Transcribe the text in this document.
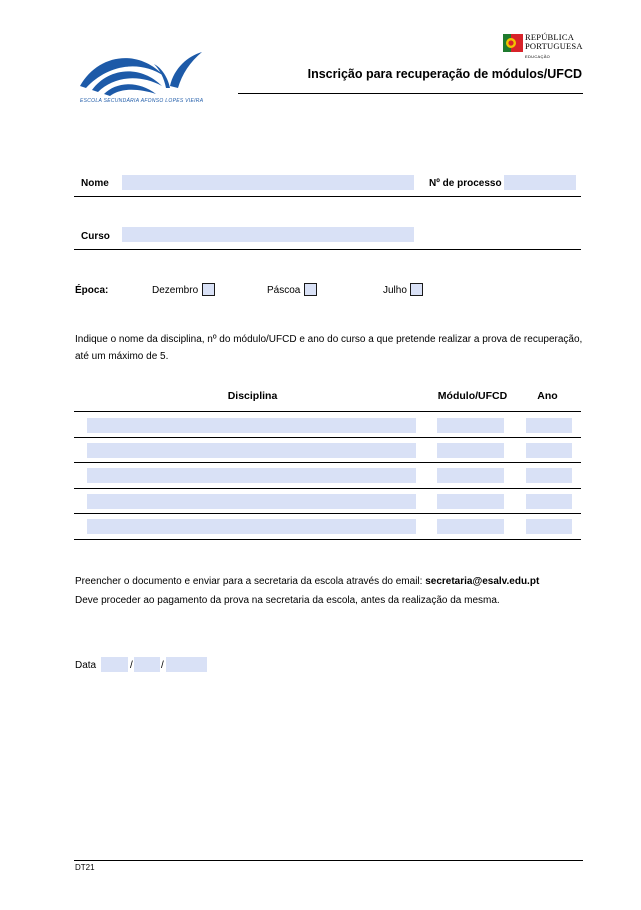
ESCOLA SECUNDÁRIA AFONSO LOPES VIEIRA
REPÚBLICA
PORTUGUESA
EDUCAÇÃO
Inscrição para recuperação de módulos/UFCD
Nome	Nº de processo
Curso
Época:	Dezembro	Páscoa	Julho
Indique o nome da disciplina, nº do módulo/UFCD e ano do curso a que pretende realizar a prova de recuperação,
até um máximo de 5.
Disciplina	Módulo/UFCD	Ano
Preencher o documento e enviar para a secretaria da escola através do email: secretaria@esalv.edu.pt
Deve proceder ao pagamento da prova na secretaria da escola, antes da realização da mesma.
Data	/	/
DT21
